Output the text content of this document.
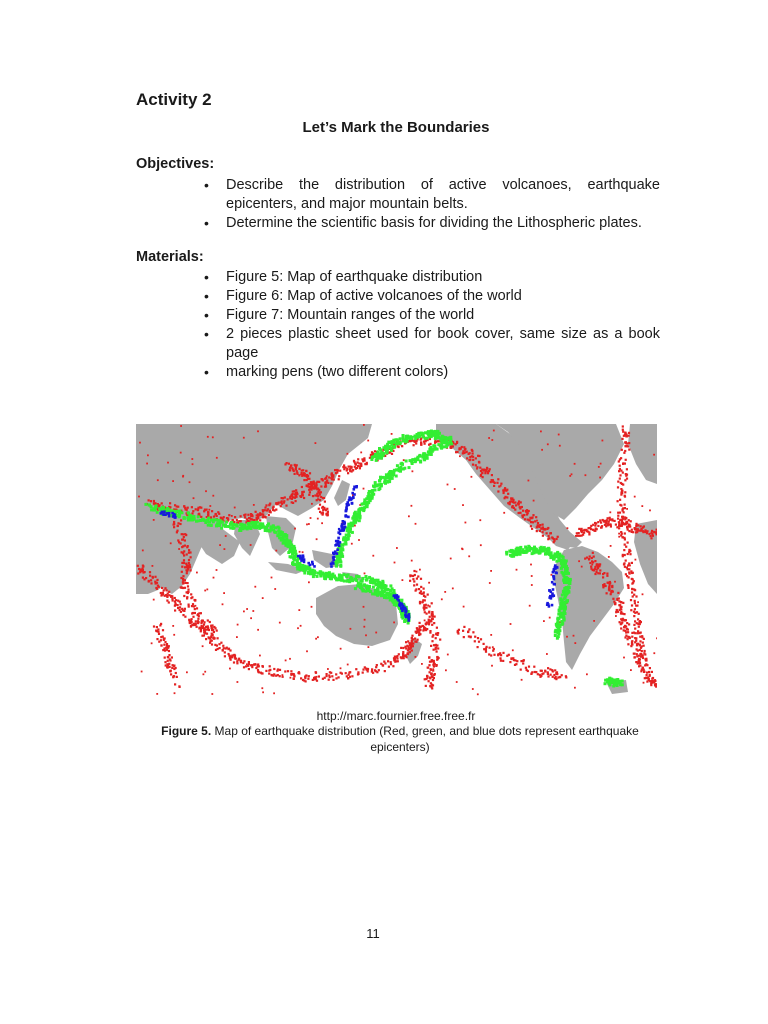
Activity 2
Let’s Mark the Boundaries
Objectives:
• Describe the distribution of active volcanoes, earthquake epicenters, and major mountain belts.
• Determine the scientific basis for dividing the Lithospheric plates.
Materials:
• Figure 5: Map of earthquake distribution
• Figure 6: Map of active volcanoes of the world
• Figure 7: Mountain ranges of the world
• 2 pieces plastic sheet used for book cover, same size as a book page
• marking pens (two different colors)
http://marc.fournier.free.free.fr
Figure 5. Map of earthquake distribution (Red, green, and blue dots represent earthquake epicenters)
11
